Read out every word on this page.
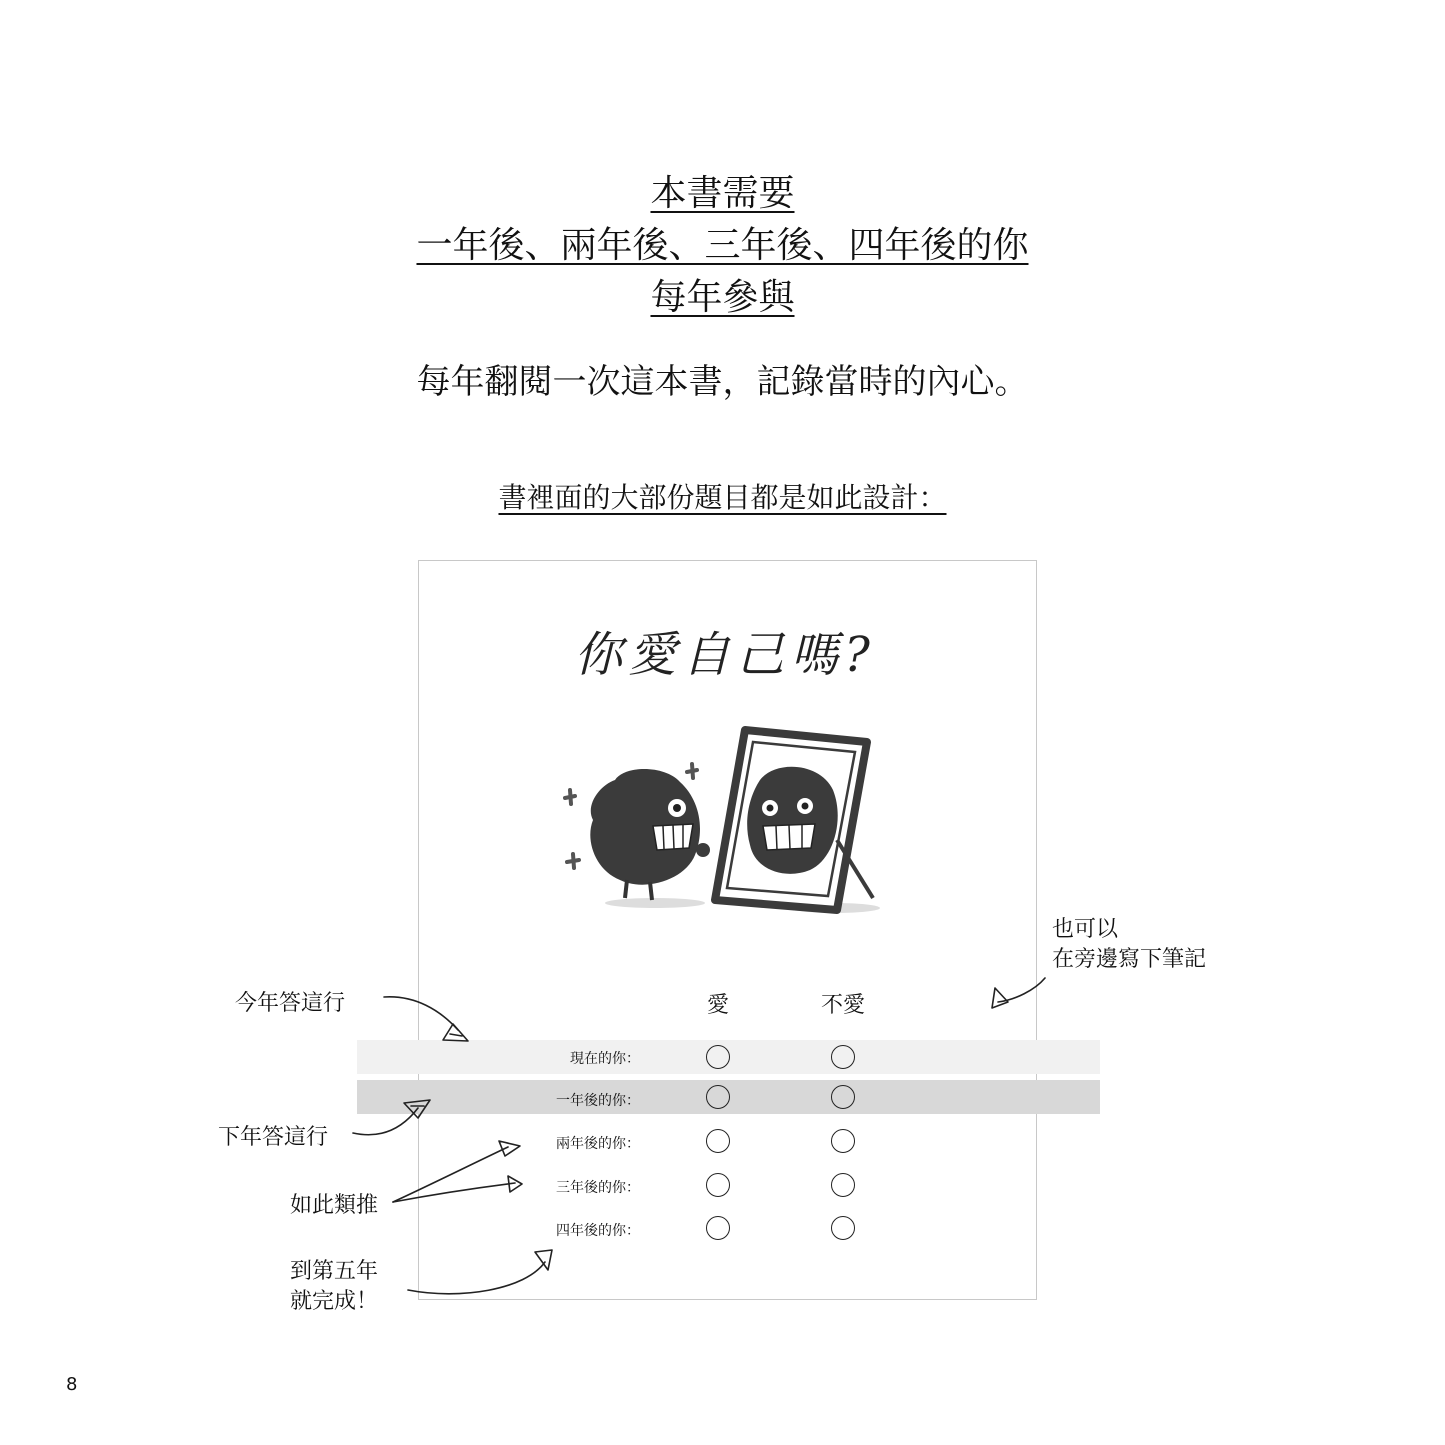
本書需要
一年後、兩年後、三年後、四年後的你
每年參與
每年翻閱一次這本書，記錄當時的內心。
書裡面的大部份題目都是如此設計：
你愛自己嗎?
愛	不愛
現在的你：
一年後的你：
兩年後的你：
三年後的你：
四年後的你：
今年答這行
下年答這行
如此類推
到第五年
就完成！
也可以
在旁邊寫下筆記
8
